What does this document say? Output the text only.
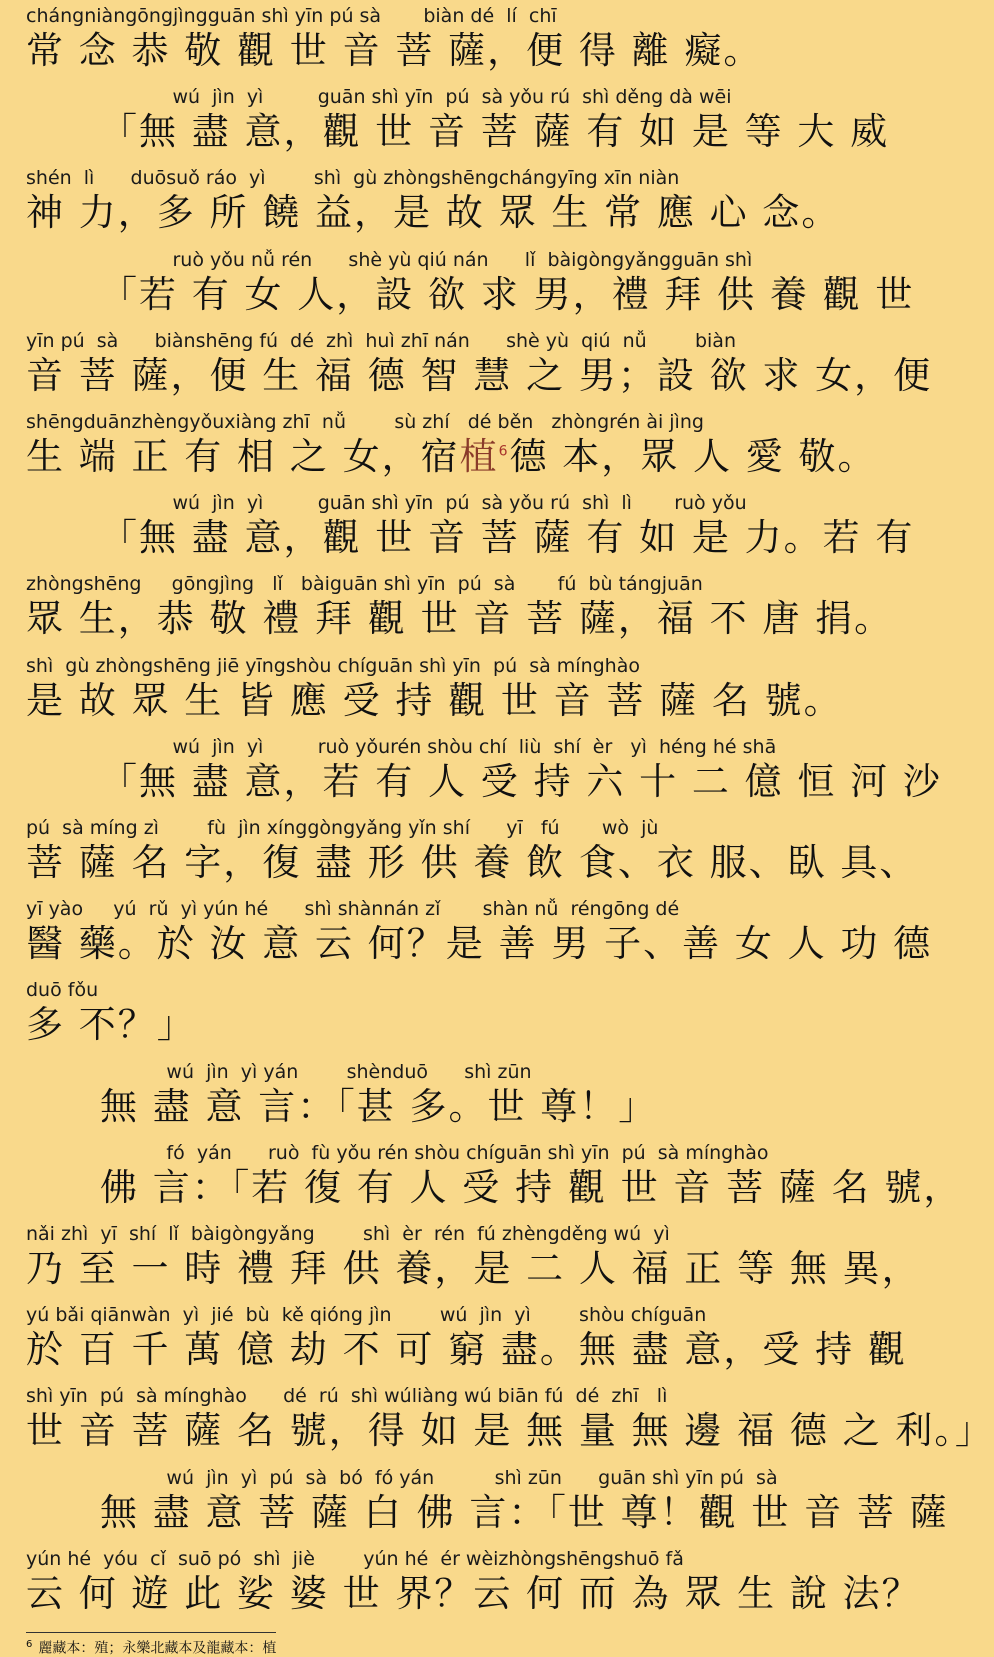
chángniàngōngjìngguān shì yīn pú sà       biàn dé  lí  chī
常 念 恭 敬 觀 世 音 菩 薩，便 得 離 癡。
wú  jìn  yì         guān shì yīn  pú  sà yǒu rú  shì děng dà wēi
「無 盡 意，觀 世 音 菩 薩 有 如 是 等 大 威
shén  lì      duōsuǒ ráo  yì        shì  gù zhòngshēngchángyīng xīn niàn
神 力，多 所 饒 益，是 故 眾 生 常 應 心 念。
ruò yǒu nǚ rén      shè yù qiú nán      lǐ  bàigòngyǎngguān shì
「若 有 女 人，設 欲 求 男，禮 拜 供 養 觀 世
yīn pú  sà      biànshēng fú  dé  zhì  huì zhī nán      shè yù  qiú  nǚ        biàn
音 菩 薩，便 生 福 德 智 慧 之 男；設 欲 求 女，便
shēngduānzhèngyǒuxiàng zhī  nǚ        sù zhí   dé běn   zhòngrén ài jìng
生 端 正 有 相 之 女，宿植$^6$德 本，眾 人 愛 敬。
wú  jìn  yì         guān shì yīn  pú  sà yǒu rú  shì  lì       ruò yǒu
「無 盡 意，觀 世 音 菩 薩 有 如 是 力。若 有
zhòngshēng     gōngjìng   lǐ   bàiguān shì yīn  pú  sà       fú  bù tángjuān
眾 生，恭 敬 禮 拜 觀 世 音 菩 薩，福 不 唐 捐。
shì  gù zhòngshēng jiē yīngshòu chíguān shì yīn  pú  sà mínghào
是 故 眾 生 皆 應 受 持 觀 世 音 菩 薩 名 號。
wú  jìn  yì         ruò yǒurén shòu chí  liù  shí  èr   yì  héng hé shā
「無 盡 意，若 有 人 受 持 六 十 二 億 恒 河 沙
pú  sà míng zì        fù  jìn xínggòngyǎng yǐn shí      yī   fú       wò  jù
菩 薩 名 字，復 盡 形 供 養 飲 食、衣 服、臥 具、
yī yào     yú  rǔ  yì yún hé      shì shànnán zǐ       shàn nǚ  réngōng dé
醫 藥。於 汝 意 云 何？是 善 男 子、善 女 人 功 德
duō fǒu
多 不？」
wú  jìn  yì yán        shènduō      shì zūn
無 盡 意 言：「甚 多。世 尊！」
fó  yán      ruò  fù yǒu rén shòu chíguān shì yīn  pú  sà mínghào
佛 言：「若 復 有 人 受 持 觀 世 音 菩 薩 名 號，
nǎi zhì  yī  shí  lǐ  bàigòngyǎng        shì  èr  rén  fú zhèngděng wú  yì
乃 至 一 時 禮 拜 供 養，是 二 人 福 正 等 無 異，
yú bǎi qiānwàn  yì  jié  bù  kě qióng jìn        wú  jìn  yì        shòu chíguān
於 百 千 萬 億 劫 不 可 窮 盡。無 盡 意，受 持 觀
shì yīn  pú  sà mínghào      dé  rú  shì wúliàng wú biān fú  dé  zhī   lì
世 音 菩 薩 名 號，得 如 是 無 量 無 邊 福 德 之 利。」
wú  jìn  yì  pú  sà  bó  fó yán          shì zūn      guān shì yīn pú  sà
無 盡 意 菩 薩 白 佛 言：「世 尊！觀 世 音 菩 薩
yún hé  yóu  cǐ  suō pó  shì  jiè        yún hé  ér wèizhòngshēngshuō fǎ
云 何 遊 此 娑 婆 世 界？云 何 而 為 眾 生 說 法？
$^6$ 麗藏本：殖；永樂北藏本及龍藏本：植
